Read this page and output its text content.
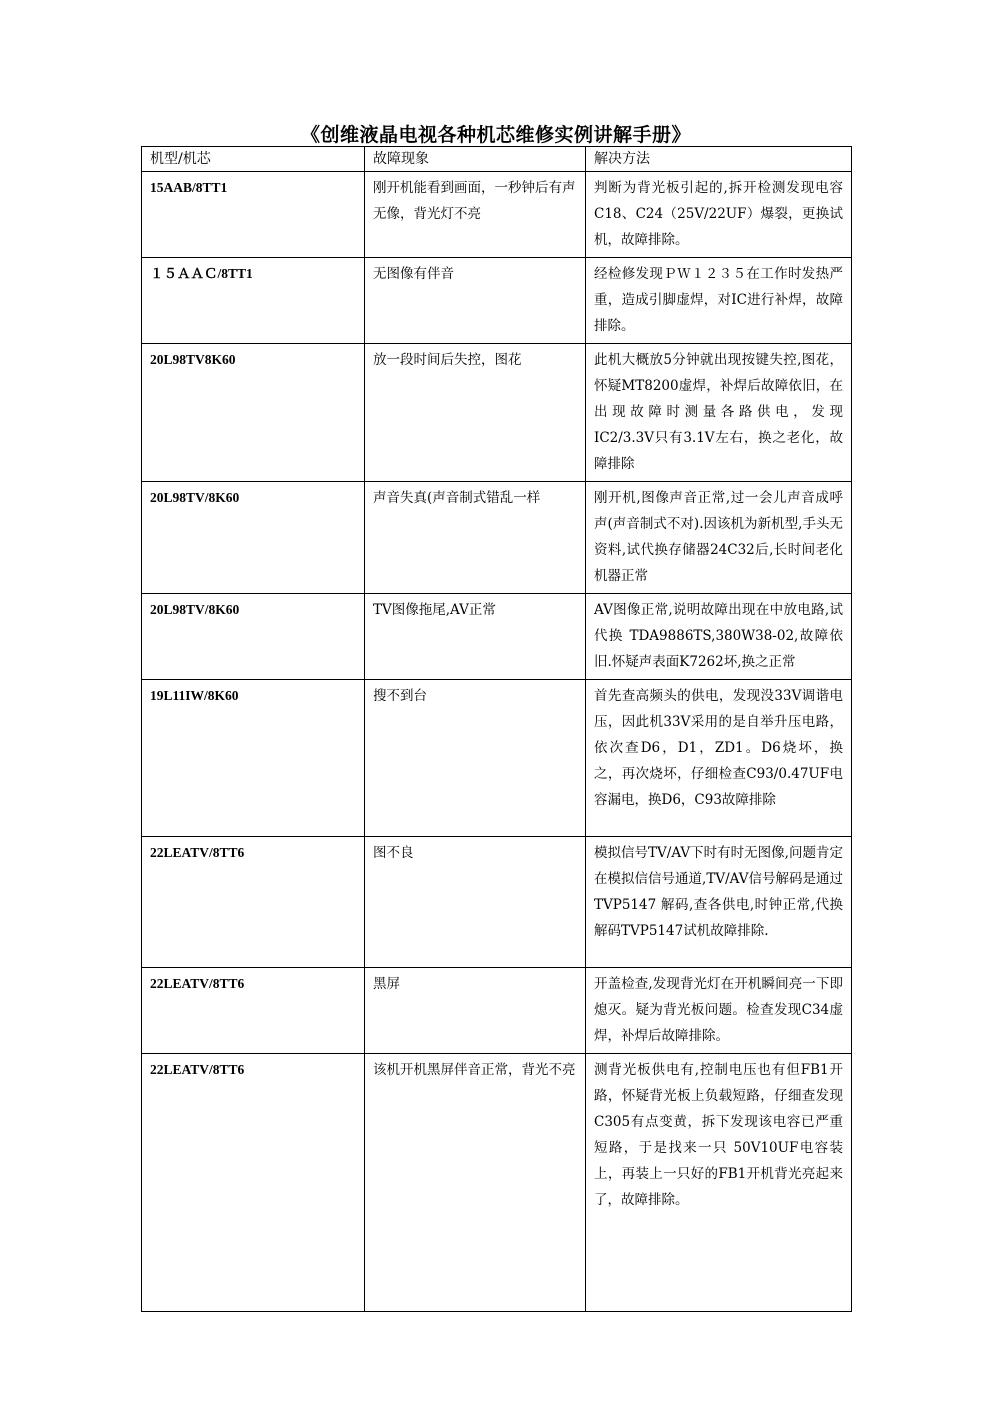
《创维液晶电视各种机芯维修实例讲解手册》
机型/机芯	故障现象	解决方法
15AAB/8TT1	刚开机能看到画面，一秒钟后有声无像，背光灯不亮	判断为背光板引起的,拆开检测发现电容C18、C24（25V/22UF）爆裂，更换试机，故障排除。
１５ＡＡＣ/8TT1	无图像有伴音	经检修发现ＰＷ１２３５在工作时发热严重，造成引脚虚焊，对IC进行补焊，故障排除。
20L98TV8K60	放一段时间后失控，图花	此机大概放5分钟就出现按键失控,图花，怀疑MT8200虚焊，补焊后故障依旧，在出现故障时测量各路供电，发现IC2/3.3V只有3.1V左右，换之老化，故障排除
20L98TV/8K60	声音失真(声音制式错乱一样	刚开机,图像声音正常,过一会儿声音成呼声(声音制式不对).因该机为新机型,手头无资料,试代换存储器24C32后,长时间老化机器正常
20L98TV/8K60	TV图像拖尾,AV正常	AV图像正常,说明故障出现在中放电路,试代换 TDA9886TS,380W38-02,故障依旧.怀疑声表面K7262坏,换之正常
19L11IW/8K60	搜不到台	首先查高频头的供电，发现没33V调谐电压，因此机33V采用的是自举升压电路，依次查D6，D1，ZD1。D6烧坏，换之，再次烧坏，仔细检查C93/0.47UF电容漏电，换D6，C93故障排除
22LEATV/8TT6	图不良	模拟信号TV/AV下时有时无图像,问题肯定在模拟信信号通道,TV/AV信号解码是通过 TVP5147 解码,查各供电,时钟正常,代换解码TVP5147试机故障排除.
22LEATV/8TT6	黑屏	开盖检查,发现背光灯在开机瞬间亮一下即熄灭。疑为背光板问题。检查发现C34虚焊，补焊后故障排除。
22LEATV/8TT6	该机开机黑屏伴音正常，背光不亮	测背光板供电有,控制电压也有但FB1开路，怀疑背光板上负载短路，仔细查发现C305有点变黄，拆下发现该电容已严重短路，于是找来一只 50V10UF电容装上，再装上一只好的FB1开机背光亮起来了，故障排除。
